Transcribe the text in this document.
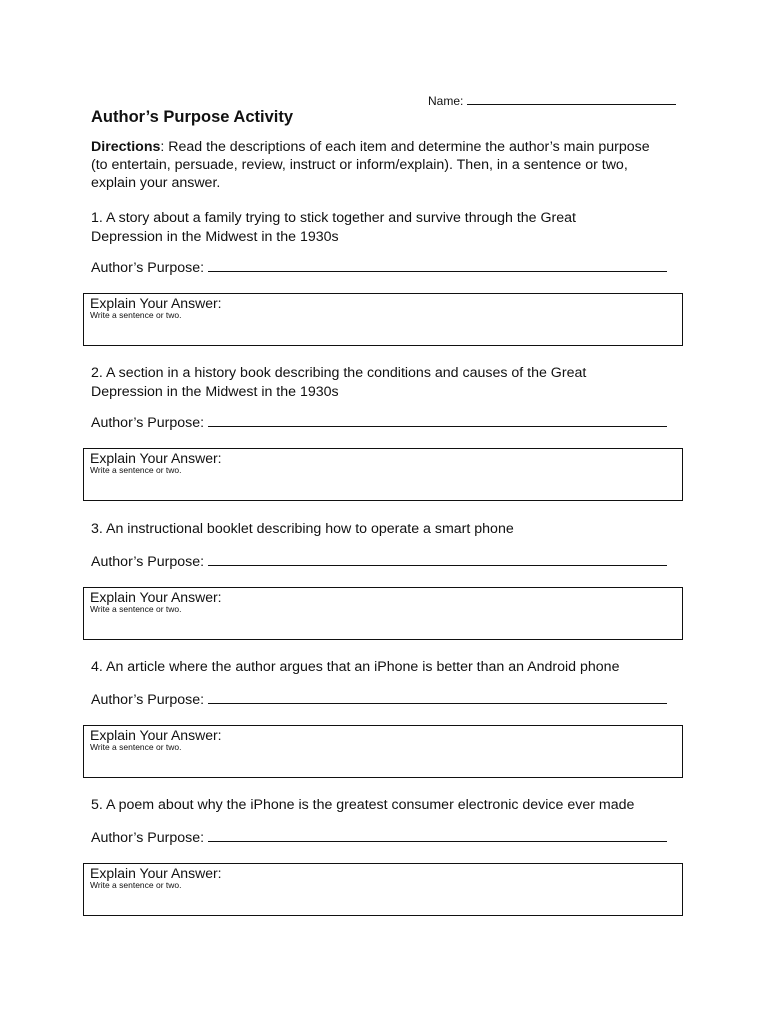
Name:
Author’s Purpose Activity
Directions: Read the descriptions of each item and determine the author’s main purpose (to entertain, persuade, review, instruct or inform/explain). Then, in a sentence or two, explain your answer.
1. A story about a family trying to stick together and survive through the Great Depression in the Midwest in the 1930s
Author’s Purpose:
Explain Your Answer:
Write a sentence or two.
2. A section in a history book describing the conditions and causes of the Great Depression in the Midwest in the 1930s
Author’s Purpose:
Explain Your Answer:
Write a sentence or two.
3. An instructional booklet describing how to operate a smart phone
Author’s Purpose:
Explain Your Answer:
Write a sentence or two.
4. An article where the author argues that an iPhone is better than an Android phone
Author’s Purpose:
Explain Your Answer:
Write a sentence or two.
5. A poem about why the iPhone is the greatest consumer electronic device ever made
Author’s Purpose:
Explain Your Answer:
Write a sentence or two.
